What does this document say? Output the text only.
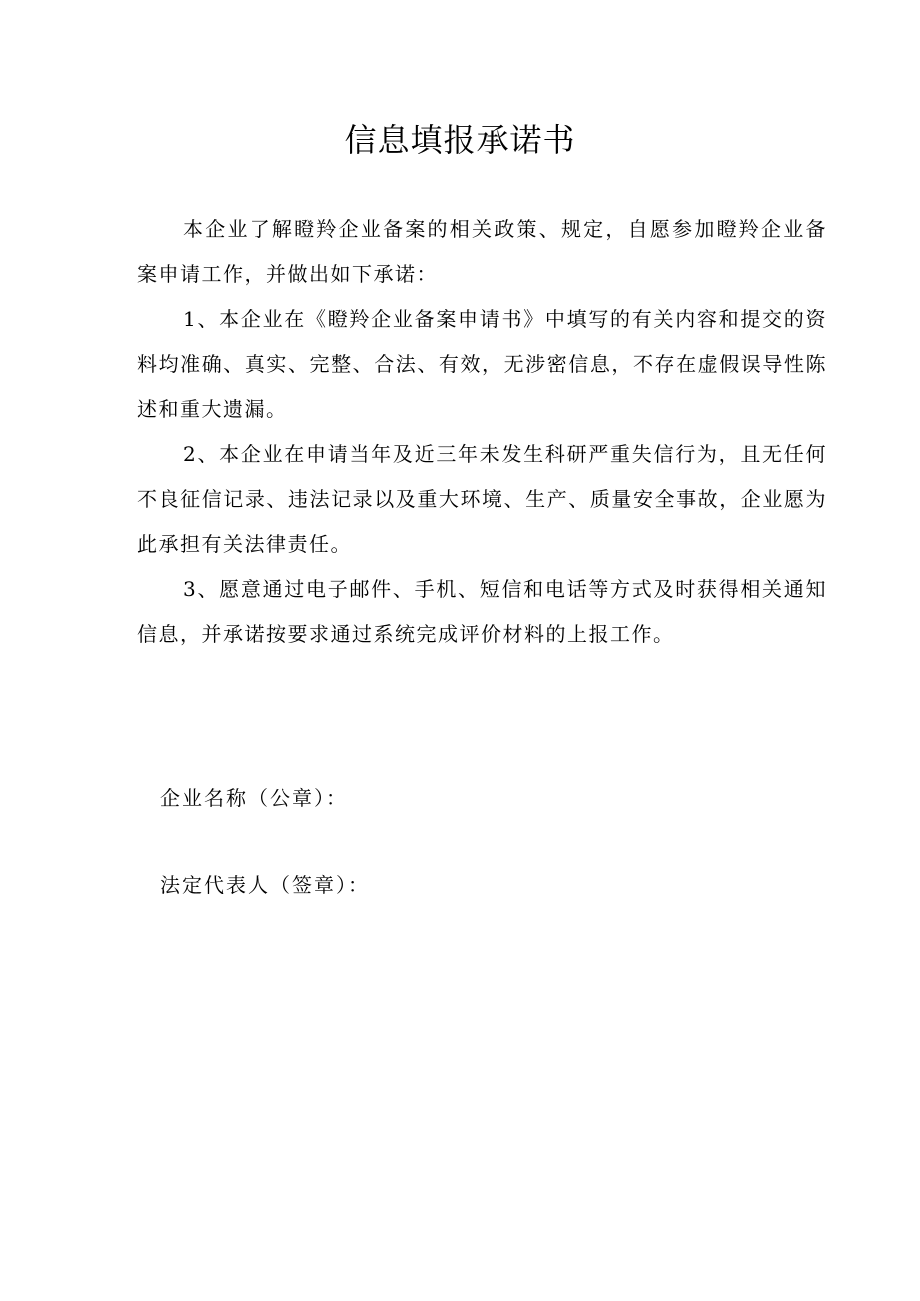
信息填报承诺书

本企业了解瞪羚企业备案的相关政策、规定，自愿参加瞪羚企业备案申请工作，并做出如下承诺：

1、本企业在《瞪羚企业备案申请书》中填写的有关内容和提交的资料均准确、真实、完整、合法、有效，无涉密信息，不存在虚假误导性陈述和重大遗漏。

2、本企业在申请当年及近三年未发生科研严重失信行为，且无任何不良征信记录、违法记录以及重大环境、生产、质量安全事故，企业愿为此承担有关法律责任。

3、愿意通过电子邮件、手机、短信和电话等方式及时获得相关通知信息，并承诺按要求通过系统完成评价材料的上报工作。

企业名称（公章）：

法定代表人（签章）：
